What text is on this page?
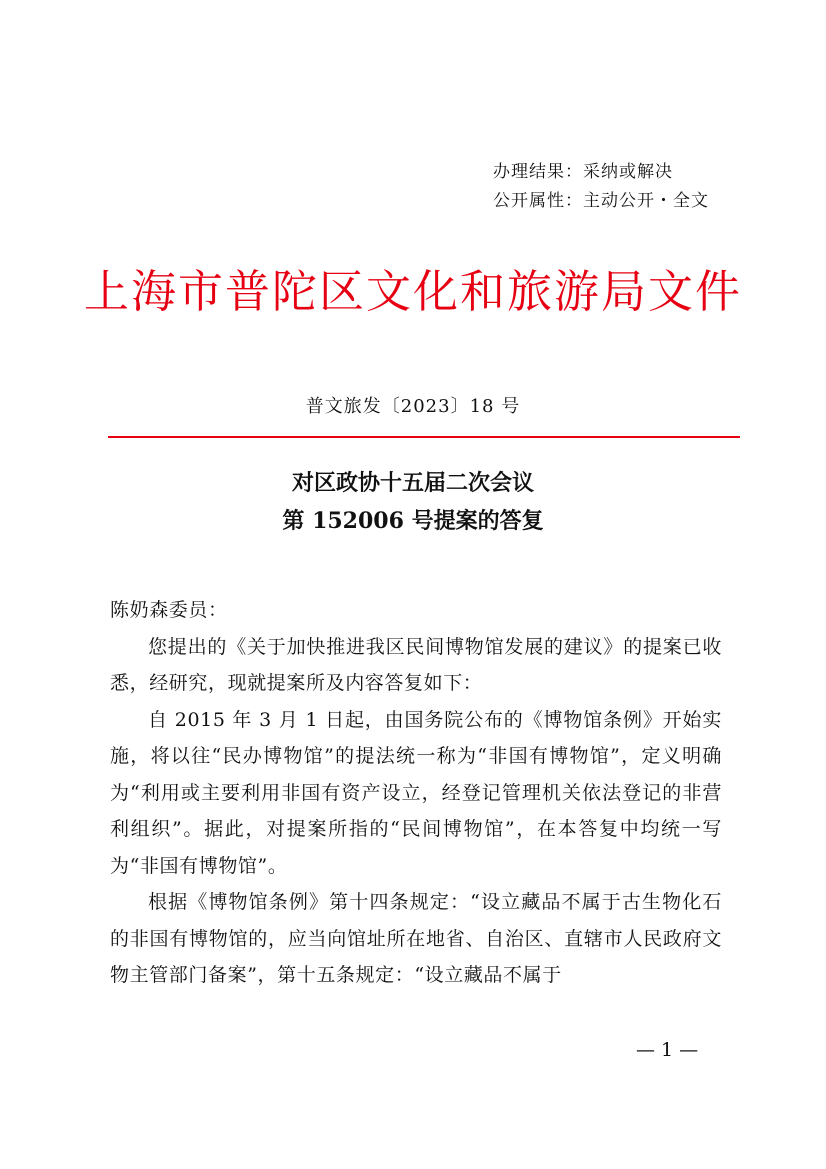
办理结果：采纳或解决
公开属性：主动公开・全文
上海市普陀区文化和旅游局文件
普文旅发〔2023〕18 号
对区政协十五届二次会议
第 152006 号提案的答复

陈奶森委员：

您提出的《关于加快推进我区民间博物馆发展的建议》的提案已收悉，经研究，现就提案所及内容答复如下：

自 2015 年 3 月 1 日起，由国务院公布的《博物馆条例》开始实施，将以往“民办博物馆”的提法统一称为“非国有博物馆”，定义明确为“利用或主要利用非国有资产设立，经登记管理机关依法登记的非营利组织”。据此，对提案所指的“民间博物馆”，在本答复中均统一写为“非国有博物馆”。

根据《博物馆条例》第十四条规定：“设立藏品不属于古生物化石的非国有博物馆的，应当向馆址所在地省、自治区、直辖市人民政府文物主管部门备案”，第十五条规定：“设立藏品不属于

— 1 —
